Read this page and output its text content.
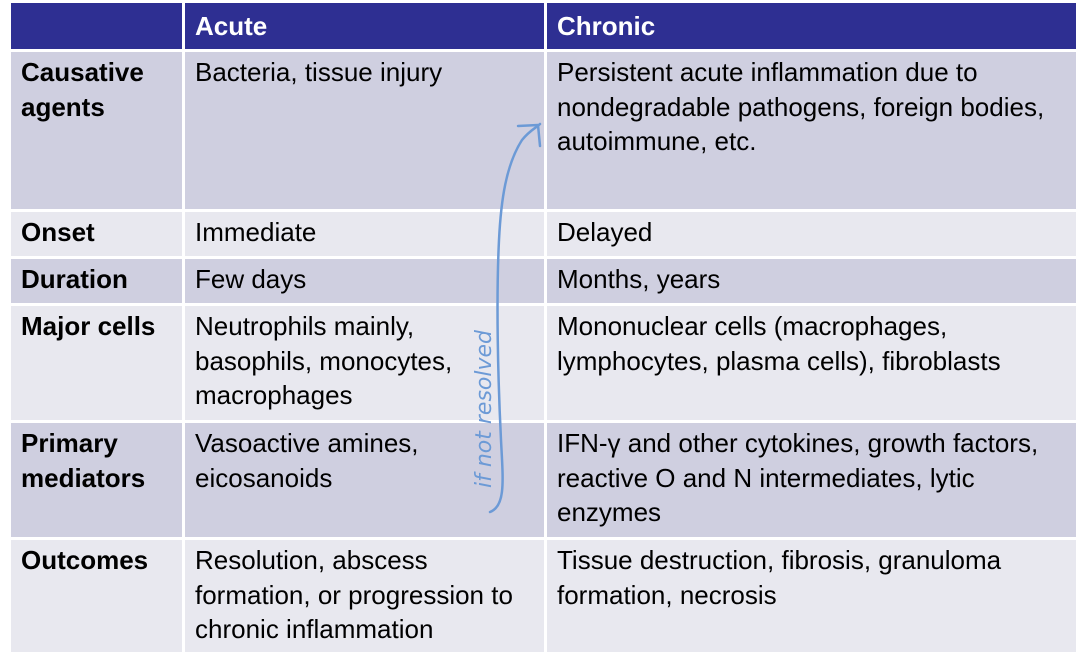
	Acute	Chronic
Causative agents	Bacteria, tissue injury	Persistent acute inflammation due to nondegradable pathogens, foreign bodies, autoimmune, etc.
Onset	Immediate	Delayed
Duration	Few days	Months, years
Major cells	Neutrophils mainly, basophils, monocytes, macrophages	Mononuclear cells (macrophages, lymphocytes, plasma cells), fibroblasts
Primary mediators	Vasoactive amines, eicosanoids	IFN-γ and other cytokines, growth factors, reactive O and N intermediates, lytic enzymes
Outcomes	Resolution, abscess formation, or progression to chronic inflammation	Tissue destruction, fibrosis, granuloma formation, necrosis
if not resolved
